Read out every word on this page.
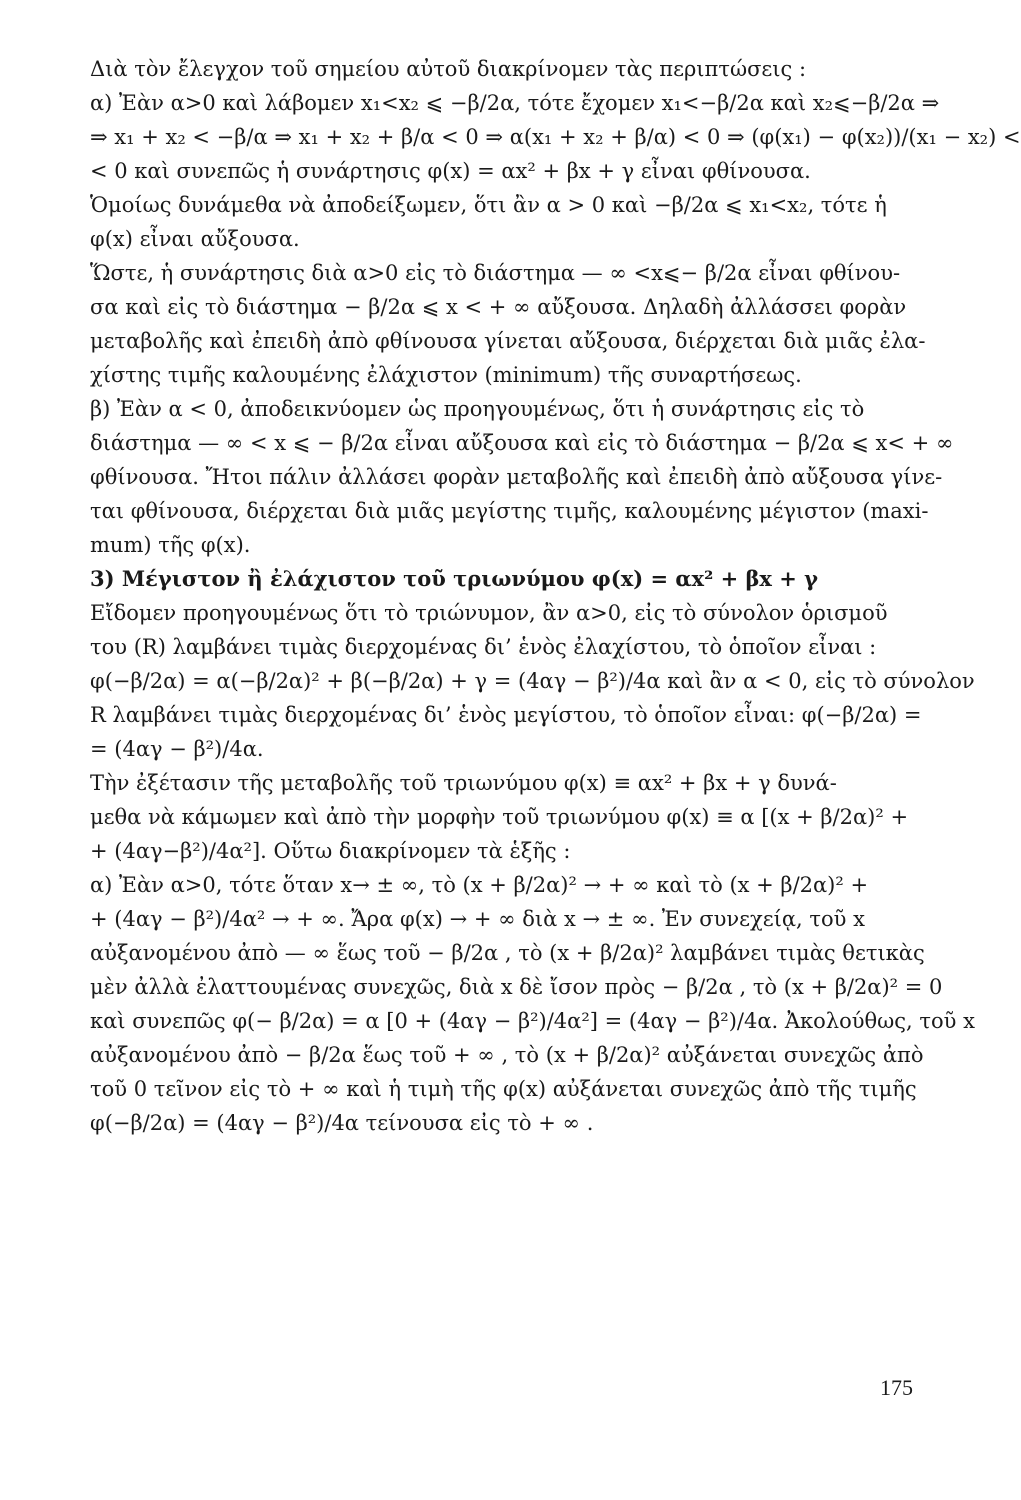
Διὰ τὸν ἔλεγχον τοῦ σημείου αὐτοῦ διακρίνομεν τὰς περιπτώσεις :

α) Ἐὰν α>0 καὶ λάβομεν x₁<x₂ ⩽ −β/2α, τότε ἔχομεν x₁<−β/2α καὶ x₂⩽−β/2α ⇒

⇒ x₁ + x₂ < −β/α ⇒ x₁ + x₂ + β/α < 0 ⇒ α(x₁ + x₂ + β/α) < 0 ⇒ (φ(x₁) − φ(x₂))/(x₁ − x₂) <

< 0 καὶ συνεπῶς ἡ συνάρτησις φ(x) = αx² + βx + γ εἶναι φθίνουσα.

Ὁμοίως δυνάμεθα νὰ ἀποδείξωμεν, ὅτι ἂν α > 0 καὶ −β/2α ⩽ x₁<x₂, τότε ἡ

φ(x) εἶναι αὔξουσα.

Ὥστε, ἡ συνάρτησις διὰ α>0 εἰς τὸ διάστημα — ∞ <x⩽− β/2α εἶναι φθίνου-

σα καὶ εἰς τὸ διάστημα − β/2α ⩽ x < + ∞ αὔξουσα. Δηλαδὴ ἀλλάσσει φορὰν

μεταβολῆς καὶ ἐπειδὴ ἀπὸ φθίνουσα γίνεται αὔξουσα, διέρχεται διὰ μιᾶς ἐλα-

χίστης τιμῆς καλουμένης ἐλάχιστον (minimum) τῆς συναρτήσεως.

β) Ἐὰν α < 0, ἀποδεικνύομεν ὡς προηγουμένως, ὅτι ἡ συνάρτησις εἰς τὸ

διάστημα — ∞ < x ⩽ − β/2α εἶναι αὔξουσα καὶ εἰς τὸ διάστημα − β/2α ⩽ x< + ∞

φθίνουσα. Ἤτοι πάλιν ἀλλάσει φορὰν μεταβολῆς καὶ ἐπειδὴ ἀπὸ αὔξουσα γίνε-

ται φθίνουσα, διέρχεται διὰ μιᾶς μεγίστης τιμῆς, καλουμένης μέγιστον (maxi-

mum) τῆς φ(x).

3) Μέγιστον ἢ ἐλάχιστον τοῦ τριωνύμου φ(x) = αx² + βx + γ

Εἴδομεν προηγουμένως ὅτι τὸ τριώνυμον, ἂν α>0, εἰς τὸ σύνολον ὁρισμοῦ

του (R) λαμβάνει τιμὰς διερχομένας δι’ ἑνὸς ἐλαχίστου, τὸ ὁποῖον εἶναι :

φ(−β/2α) = α(−β/2α)² + β(−β/2α) + γ = (4αγ − β²)/4α καὶ ἂν α < 0, εἰς τὸ σύνολον

R λαμβάνει τιμὰς διερχομένας δι’ ἑνὸς μεγίστου, τὸ ὁποῖον εἶναι: φ(−β/2α) =

= (4αγ − β²)/4α.

Τὴν ἐξέτασιν τῆς μεταβολῆς τοῦ τριωνύμου φ(x) ≡ αx² + βx + γ δυνά-

μεθα νὰ κάμωμεν καὶ ἀπὸ τὴν μορφὴν τοῦ τριωνύμου φ(x) ≡ α [(x + β/2α)² +

+ (4αγ−β²)/4α²]. Οὕτω διακρίνομεν τὰ ἑξῆς :

α) Ἐὰν α>0, τότε ὅταν x→ ± ∞, τὸ (x + β/2α)² → + ∞ καὶ τὸ (x + β/2α)² +

+ (4αγ − β²)/4α² → + ∞. Ἄρα φ(x) → + ∞ διὰ x → ± ∞. Ἐν συνεχείᾳ, τοῦ x

αὐξανομένου ἀπὸ — ∞ ἕως τοῦ − β/2α , τὸ (x + β/2α)² λαμβάνει τιμὰς θετικὰς

μὲν ἀλλὰ ἐλαττουμένας συνεχῶς, διὰ x δὲ ἴσον πρὸς − β/2α , τὸ (x + β/2α)² = 0

καὶ συνεπῶς φ(− β/2α) = α [0 + (4αγ − β²)/4α²] = (4αγ − β²)/4α. Ἀκολούθως, τοῦ x

αὐξανομένου ἀπὸ − β/2α ἕως τοῦ + ∞ , τὸ (x + β/2α)² αὐξάνεται συνεχῶς ἀπὸ

τοῦ 0 τεῖνον εἰς τὸ + ∞ καὶ ἡ τιμὴ τῆς φ(x) αὐξάνεται συνεχῶς ἀπὸ τῆς τιμῆς

φ(−β/2α) = (4αγ − β²)/4α τείνουσα εἰς τὸ + ∞ .

175
